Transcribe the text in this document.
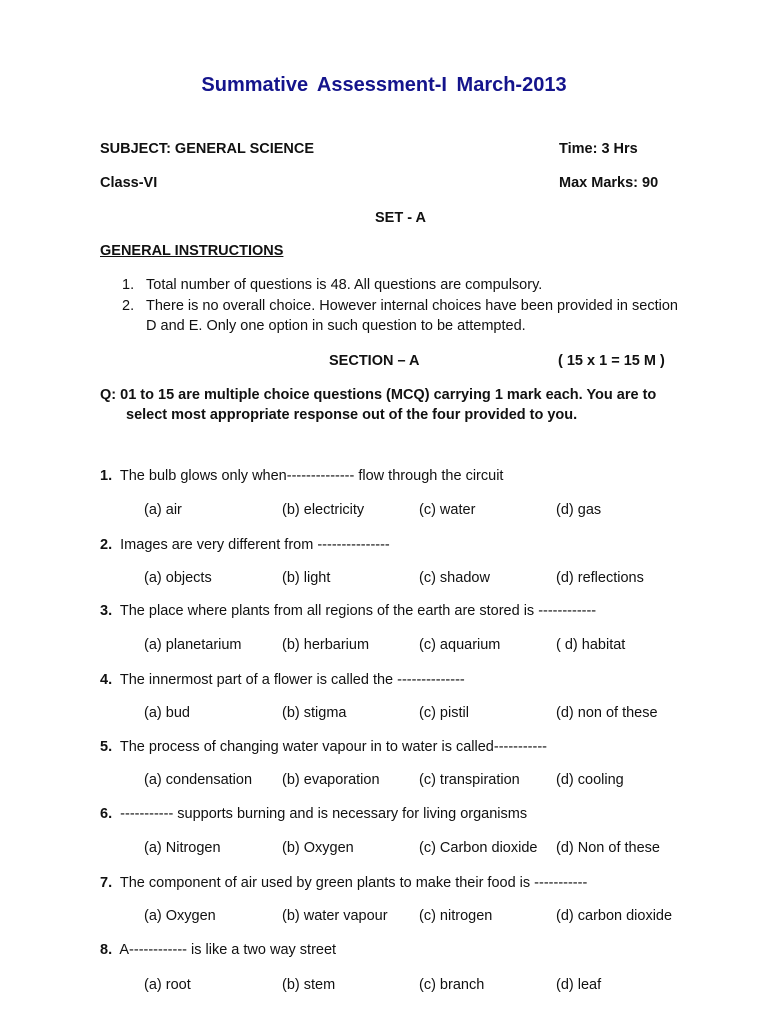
Summative Assessment-I March-2013
SUBJECT: GENERAL SCIENCE	Time: 3 Hrs
Class-VI	Max Marks: 90
SET - A
GENERAL INSTRUCTIONS
1. Total number of questions is 48. All questions are compulsory.
2. There is no overall choice. However internal choices have been provided in section
D and E. Only one option in such question to be attempted.
SECTION – A	( 15 x 1 = 15 M )
Q: 01 to 15 are multiple choice questions (MCQ) carrying 1 mark each. You are to
select most appropriate response out of the four provided to you.
1. The bulb glows only when-------------- flow through the circuit
(a) air	(b) electricity	(c) water	(d) gas
2. Images are very different from ---------------
(a) objects	(b) light	(c) shadow	(d) reflections
3. The place where plants from all regions of the earth are stored is ------------
(a) planetarium	(b) herbarium	(c) aquarium	( d) habitat
4. The innermost part of a flower is called the --------------
(a) bud	(b) stigma	(c) pistil	(d) non of these
5. The process of changing water vapour in to water is called-----------
(a) condensation (b) evaporation	(c) transpiration	(d) cooling
6. ----------- supports burning and is necessary for living organisms
(a) Nitrogen	(b) Oxygen	(c) Carbon dioxide (d) Non of these
7. The component of air used by green plants to make their food is -----------
(a) Oxygen	(b) water vapour (c) nitrogen	(d) carbon dioxide
8. A------------ is like a two way street
(a) root	(b) stem	(c) branch	(d) leaf
